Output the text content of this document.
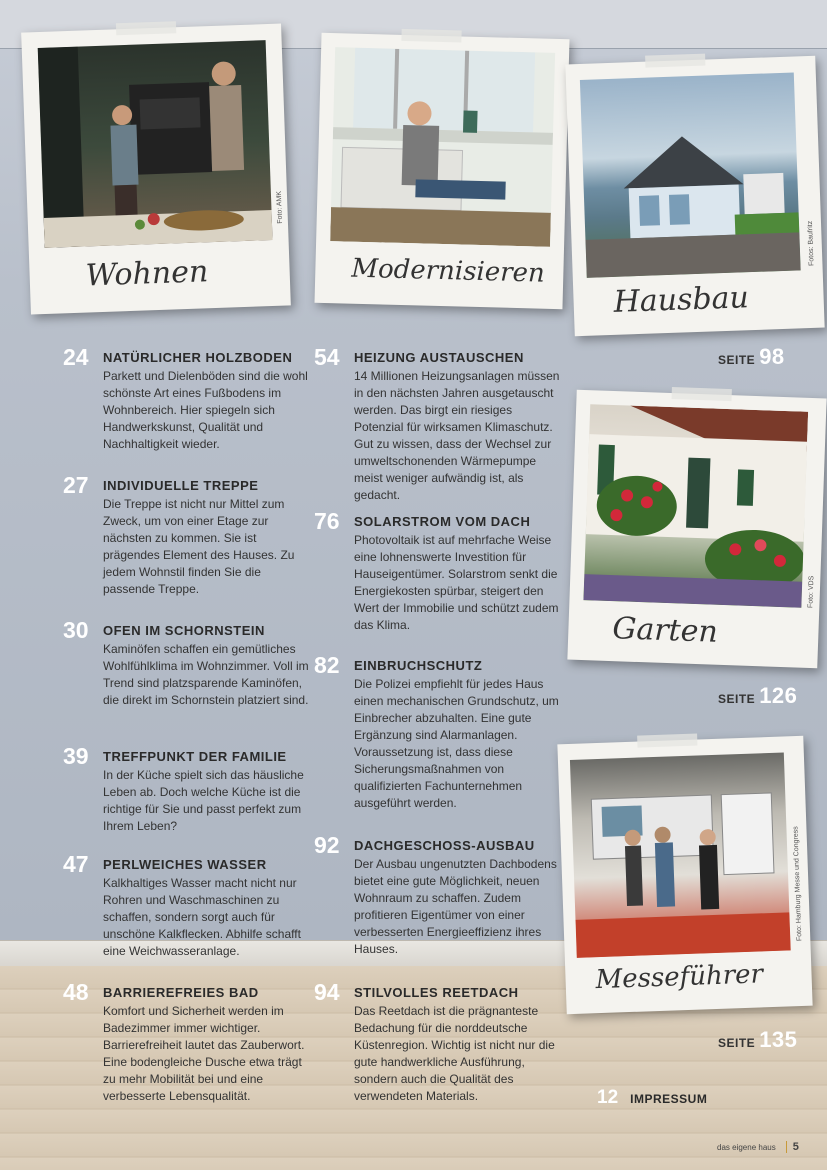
Foto: AMK
Wohnen	Modernisieren
Fotos: Baufritz
Hausbau
SEITE 98
Foto: VDS
Garten
SEITE 126
Foto: Hamburg Messe und Congress
Messeführer
SEITE 135
24 NATÜRLICHER HOLZBODEN
Parkett und Dielenböden sind die wohl schönste Art eines Fußbodens im Wohnbereich. Hier spiegeln sich Handwerkskunst, Qualität und Nachhaltigkeit wieder.
27 INDIVIDUELLE TREPPE
Die Treppe ist nicht nur Mittel zum Zweck, um von einer Etage zur nächsten zu kommen. Sie ist prägendes Element des Hauses. Zu jedem Wohnstil finden Sie die passende Treppe.
30 OFEN IM SCHORNSTEIN
Kaminöfen schaffen ein gemütliches Wohlfühlklima im Wohnzimmer. Voll im Trend sind platzsparende Kaminöfen, die direkt im Schornstein platziert sind.
39 TREFFPUNKT DER FAMILIE
In der Küche spielt sich das häusliche Leben ab. Doch welche Küche ist die richtige für Sie und passt perfekt zum Ihrem Leben?
47 PERLWEICHES WASSER
Kalkhaltiges Wasser macht nicht nur Rohren und Waschmaschinen zu schaffen, sondern sorgt auch für unschöne Kalkflecken. Abhilfe schafft eine Weichwasseranlage.
48 BARRIEREFREIES BAD
Komfort und Sicherheit werden im Badezimmer immer wichtiger. Barrierefreiheit lautet das Zauberwort. Eine bodengleiche Dusche etwa trägt zu mehr Mobilität bei und eine verbesserte Lebensqualität.
54 HEIZUNG AUSTAUSCHEN
14 Millionen Heizungsanlagen müssen in den nächsten Jahren ausgetauscht werden. Das birgt ein riesiges Potenzial für wirksamen Klimaschutz. Gut zu wissen, dass der Wechsel zur umweltschonenden Wärmepumpe meist weniger aufwändig ist, als gedacht.
76 SOLARSTROM VOM DACH
Photovoltaik ist auf mehrfache Weise eine lohnenswerte Investition für Hauseigentümer. Solarstrom senkt die Energiekosten spürbar, steigert den Wert der Immobilie und schützt zudem das Klima.
82 EINBRUCHSCHUTZ
Die Polizei empfiehlt für jedes Haus einen mechanischen Grundschutz, um Einbrecher abzuhalten. Eine gute Ergänzung sind Alarmanlagen. Voraussetzung ist, dass diese Sicherungsmaßnahmen von qualifizierten Fachunternehmen ausgeführt werden.
92 DACHGESCHOSS-AUSBAU
Der Ausbau ungenutzten Dachbodens bietet eine gute Möglichkeit, neuen Wohnraum zu schaffen. Zudem profitieren Eigentümer von einer verbesserten Energieeffizienz ihres Hauses.
94 STILVOLLES REETDACH
Das Reetdach ist die prägnanteste Bedachung für die norddeutsche Küstenregion. Wichtig ist nicht nur die gute handwerkliche Ausführung, sondern auch die Qualität des verwendeten Materials.	12 IMPRESSUM
das eigene haus 5
